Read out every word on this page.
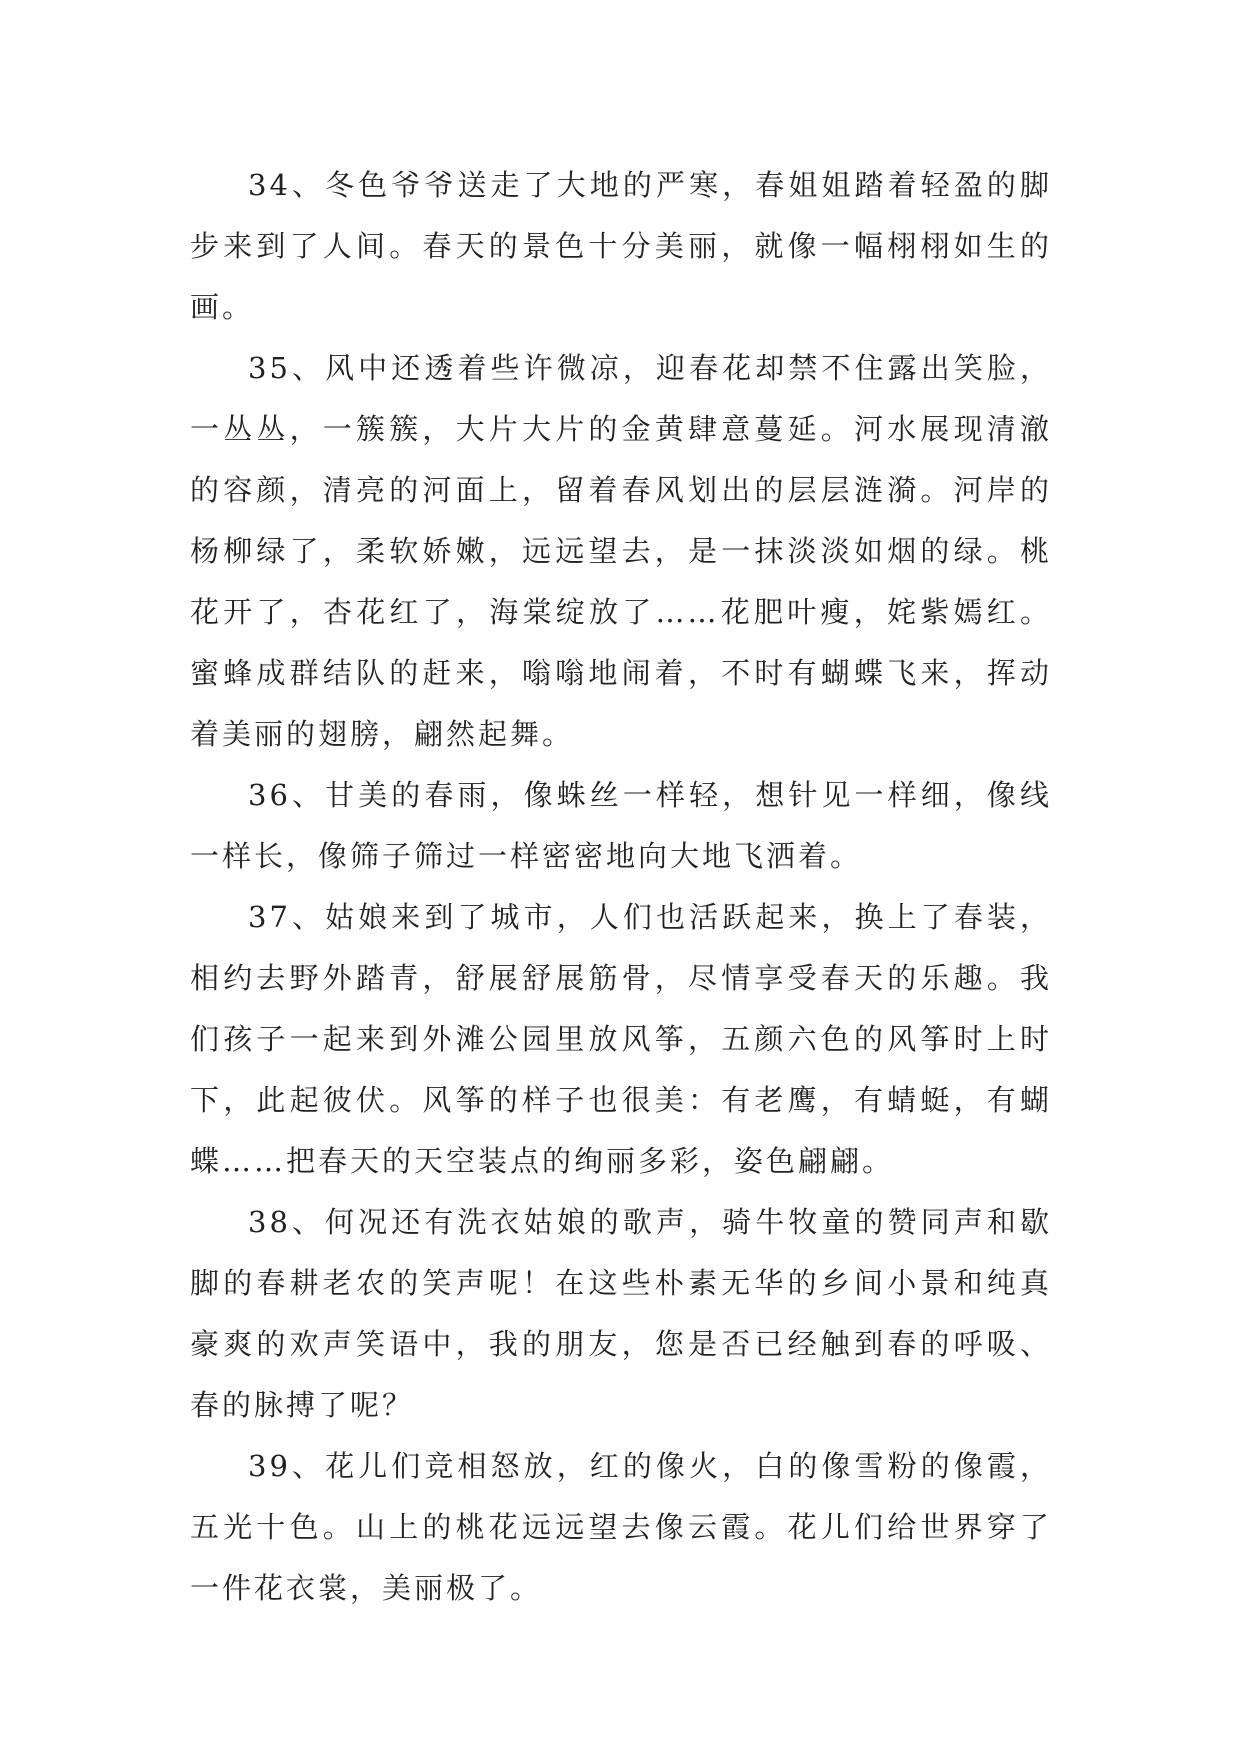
34、冬色爷爷送走了大地的严寒，春姐姐踏着轻盈的脚步来到了人间。春天的景色十分美丽，就像一幅栩栩如生的画。

35、风中还透着些许微凉，迎春花却禁不住露出笑脸，一丛丛，一簇簇，大片大片的金黄肆意蔓延。河水展现清澈的容颜，清亮的河面上，留着春风划出的层层涟漪。河岸的杨柳绿了，柔软娇嫩，远远望去，是一抹淡淡如烟的绿。桃花开了，杏花红了，海棠绽放了……花肥叶瘦，姹紫嫣红。蜜蜂成群结队的赶来，嗡嗡地闹着，不时有蝴蝶飞来，挥动着美丽的翅膀，翩然起舞。

36、甘美的春雨，像蛛丝一样轻，想针见一样细，像线一样长，像筛子筛过一样密密地向大地飞洒着。

37、姑娘来到了城市，人们也活跃起来，换上了春装，相约去野外踏青，舒展舒展筋骨，尽情享受春天的乐趣。我们孩子一起来到外滩公园里放风筝，五颜六色的风筝时上时下，此起彼伏。风筝的样子也很美：有老鹰，有蜻蜓，有蝴蝶……把春天的天空装点的绚丽多彩，姿色翩翩。

38、何况还有洗衣姑娘的歌声，骑牛牧童的赞同声和歇脚的春耕老农的笑声呢！在这些朴素无华的乡间小景和纯真豪爽的欢声笑语中，我的朋友，您是否已经触到春的呼吸、春的脉搏了呢？

39、花儿们竞相怒放，红的像火，白的像雪粉的像霞，五光十色。山上的桃花远远望去像云霞。花儿们给世界穿了一件花衣裳，美丽极了。
